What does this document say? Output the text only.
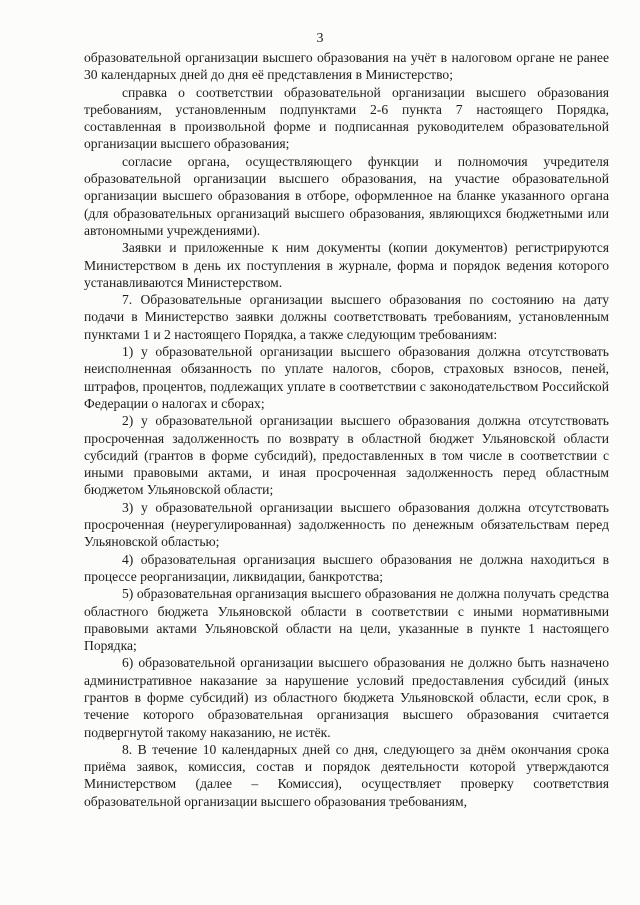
3

образовательной организации высшего образования на учёт в налоговом органе не ранее 30 календарных дней до дня её представления в Министерство;

справка о соответствии образовательной организации высшего образования требованиям, установленным подпунктами 2-6 пункта 7 настоящего Порядка, составленная в произвольной форме и подписанная руководителем образовательной организации высшего образования;

согласие органа, осуществляющего функции и полномочия учредителя образовательной организации высшего образования, на участие образовательной организации высшего образования в отборе, оформленное на бланке указанного органа (для образовательных организаций высшего образования, являющихся бюджетными или автономными учреждениями).

Заявки и приложенные к ним документы (копии документов) регистрируются Министерством в день их поступления в журнале, форма и порядок ведения которого устанавливаются Министерством.

7. Образовательные организации высшего образования по состоянию на дату подачи в Министерство заявки должны соответствовать требованиям, установленным пунктами 1 и 2 настоящего Порядка, а также следующим требованиям:

1) у образовательной организации высшего образования должна отсутствовать неисполненная обязанность по уплате налогов, сборов, страховых взносов, пеней, штрафов, процентов, подлежащих уплате в соответствии с законодательством Российской Федерации о налогах и сборах;

2) у образовательной организации высшего образования должна отсутствовать просроченная задолженность по возврату в областной бюджет Ульяновской области субсидий (грантов в форме субсидий), предоставленных в том числе в соответствии с иными правовыми актами, и иная просроченная задолженность перед областным бюджетом Ульяновской области;

3) у образовательной организации высшего образования должна отсутствовать просроченная (неурегулированная) задолженность по денежным обязательствам перед Ульяновской областью;

4) образовательная организация высшего образования не должна находиться в процессе реорганизации, ликвидации, банкротства;

5) образовательная организация высшего образования не должна получать средства областного бюджета Ульяновской области в соответствии с иными нормативными правовыми актами Ульяновской области на цели, указанные в пункте 1 настоящего Порядка;

6) образовательной организации высшего образования не должно быть назначено административное наказание за нарушение условий предоставления субсидий (иных грантов в форме субсидий) из областного бюджета Ульяновской области, если срок, в течение которого образовательная организация высшего образования считается подвергнутой такому наказанию, не истёк.

8. В течение 10 календарных дней со дня, следующего за днём окончания срока приёма заявок, комиссия, состав и порядок деятельности которой утверждаются Министерством (далее – Комиссия), осуществляет проверку соответствия образовательной организации высшего образования требованиям,
